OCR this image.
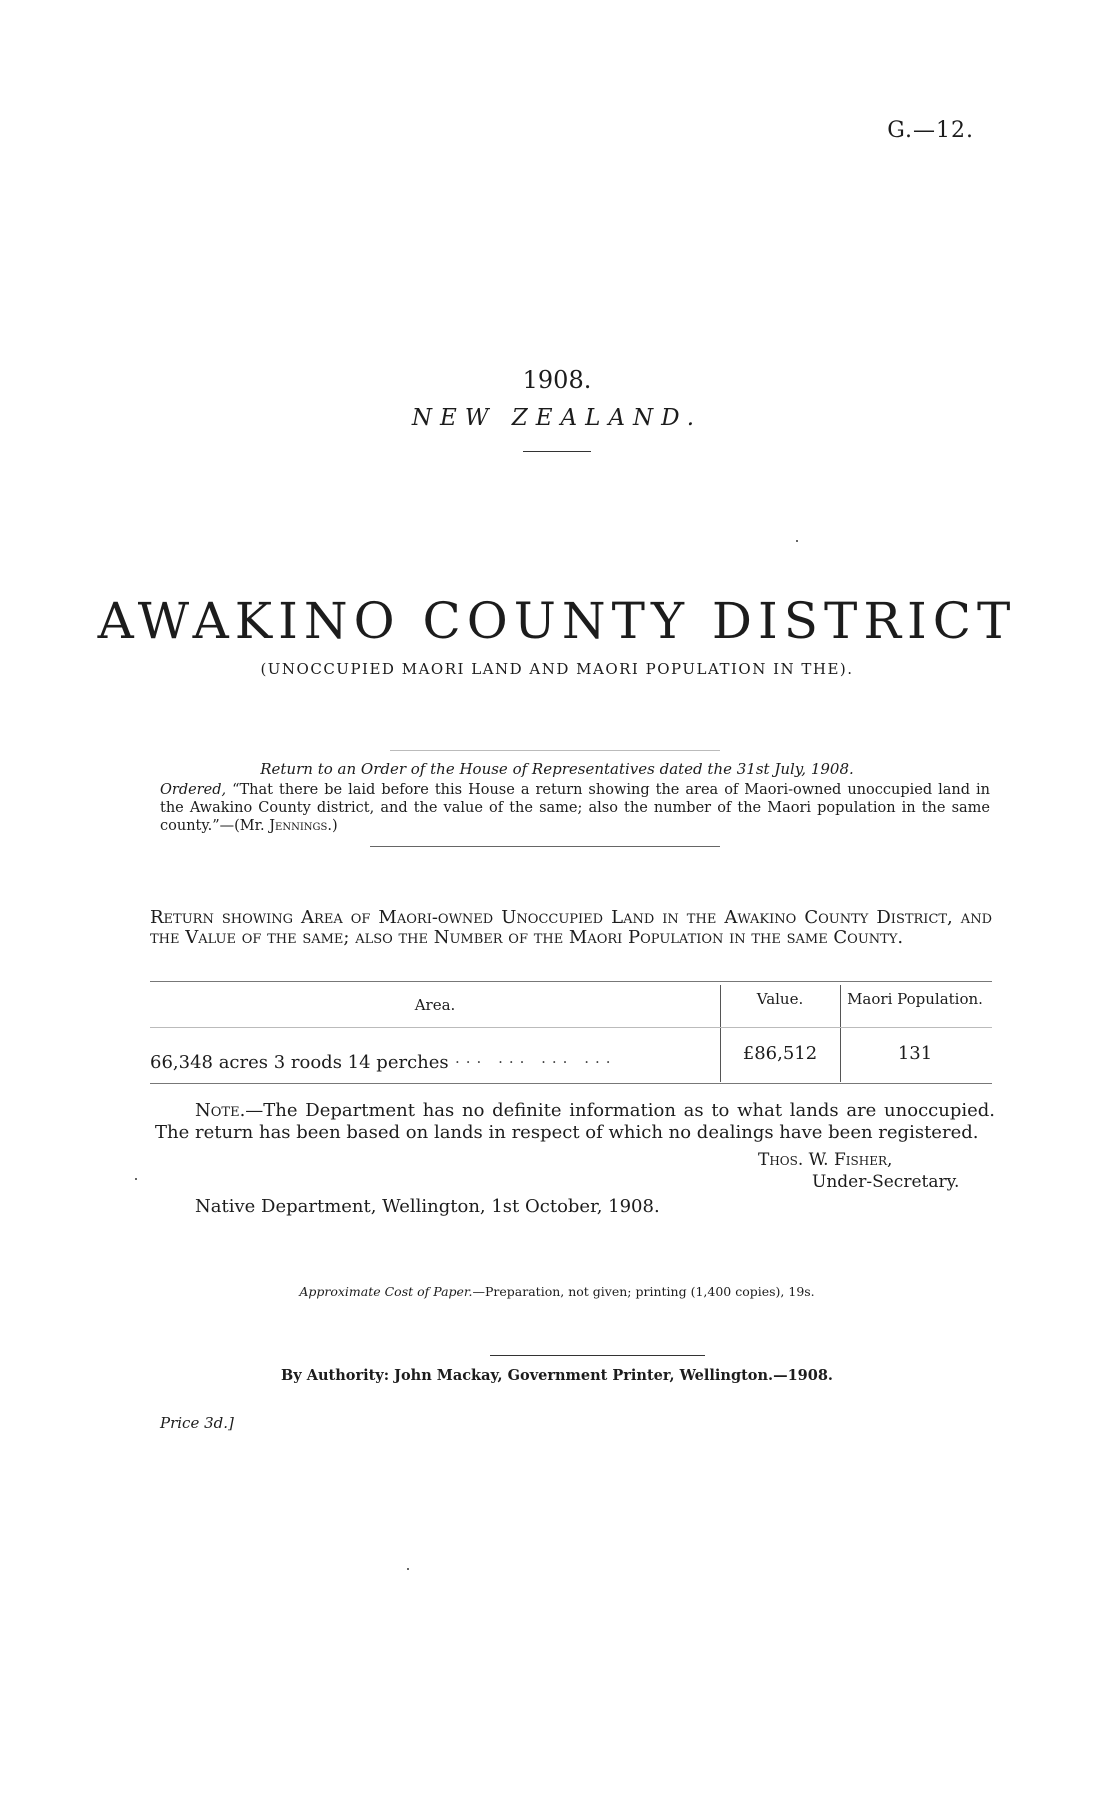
G.—12.
1908.
NEW ZEALAND.
AWAKINO COUNTY DISTRICT
(UNOCCUPIED MAORI LAND AND MAORI POPULATION IN THE).
Return to an Order of the House of Representatives dated the 31st July, 1908.
Ordered, “That there be laid before this House a return showing the area of Maori-owned unoccupied land in the Awakino County district, and the value of the same; also the number of the Maori population in the same county.”—(Mr. Jennings.)
Return showing Area of Maori-owned Unoccupied Land in the Awakino County District, and the Value of the same; also the Number of the Maori Population in the same County.
Area.	Value.	Maori Population.
66,348 acres 3 roods 14 perches ... ... ... ...	£86,512	131
Note.—The Department has no definite information as to what lands are unoccupied. The return has been based on lands in respect of which no dealings have been registered.
Thos. W. Fisher,
Under-Secretary.
Native Department, Wellington, 1st October, 1908.
Approximate Cost of Paper.—Preparation, not given; printing (1,400 copies), 19s.
By Authority: John Mackay, Government Printer, Wellington.—1908.
Price 3d.]
